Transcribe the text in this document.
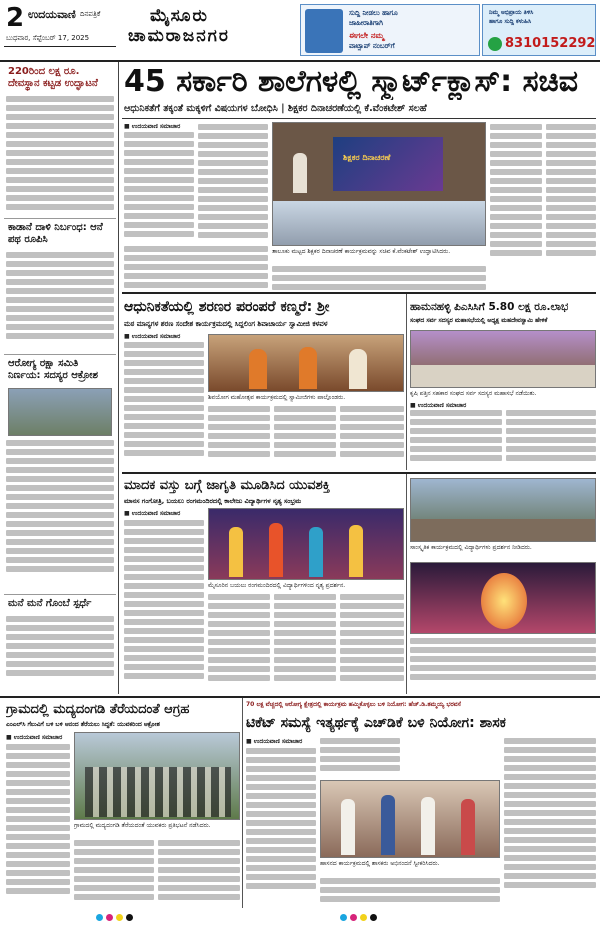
2 ಉದಯವಾಣಿ ದಿನಪತ್ರಿಕೆ
ಬುಧವಾರ, ಸೆಪ್ಟೆಂಬರ್ 17, 2025
ಮೈಸೂರು
ಚಾಮರಾಜನಗರ
ಸುದ್ದಿ ನೀಡಲು ಹಾಗೂ
ಜಾಹೀರಾತಿಗಾಗಿ
ಈಗಲೇ ನಮ್ಮ
ವಾಟ್ಸಾಪ್ ನಂಬರ್‌ಗೆ
ನಿಮ್ಮ ಅಭಿಪ್ರಾಯ ತಿಳಿಸಿ
ಹಾಗೂ ಸುದ್ದಿ ಕಳುಹಿಸಿ
8310152292
220ರಿಂದ ಲಕ್ಷ ರೂ. ದೇವಸ್ಥಾನ ಕಟ್ಟಡ ಉದ್ಘಾಟನೆ
ಕಾಡಾನೆ ದಾಳಿ ನಿರ್ಬಂಧ: ಆನೆ ಪಥ ರೂಪಿಸಿ
ಆರೋಗ್ಯ ರಕ್ಷಾ ಸಮಿತಿ ನಿರ್ಣಯ: ಸದಸ್ಯರ ಆಕ್ರೋಶ
ಮನೆ ಮನೆ ಗೊಂಬೆ ಸ್ಪರ್ಧೆ
45 ಸರ್ಕಾರಿ ಶಾಲೆಗಳಲ್ಲಿ ಸ್ಮಾರ್ಟ್‌ಕ್ಲಾಸ್: ಸಚಿವ
ಆಧುನಿಕತೆಗೆ ತಕ್ಕಂತೆ ಮಕ್ಕಳಿಗೆ ವಿಷಯಗಳ ಬೋಧಿಸಿ | ಶಿಕ್ಷಕರ ದಿನಾಚರಣೆಯಲ್ಲಿ ಕೆ.ವೆಂಕಟೇಶ್ ಸಲಹೆ
■ ಉದಯವಾಣಿ ಸಮಾಚಾರ
ಶಿಕ್ಷಕರ ದಿನಾಚರಣೆ
ತಾಲೂಕು ಮಟ್ಟದ ಶಿಕ್ಷಕರ ದಿನಾಚರಣೆ ಕಾರ್ಯಕ್ರಮವನ್ನು ಸಚಿವ ಕೆ.ವೆಂಕಟೇಶ್ ಉದ್ಘಾಟಿಸಿದರು.
ಆಧುನಿಕತೆಯಲ್ಲಿ ಶರಣರ ಪರಂಪರೆ ಕಣ್ಮರೆ: ಶ್ರೀ
ಮಠ ಮಾನ್ಯಗಳ ಶರಣ ಸಂದೇಶ ಕಾರ್ಯಕ್ರಮದಲ್ಲಿ ಸಿದ್ದಲಿಂಗ ಶಿವಾಚಾರ್ಯ ಸ್ವಾಮೀಜಿ ಕಳವಳ
■ ಉದಯವಾಣಿ ಸಮಾಚಾರ
ಶಿವಯೋಗ ಮಹೋತ್ಸವ ಕಾರ್ಯಕ್ರಮದಲ್ಲಿ ಸ್ವಾಮೀಜಿಗಳು ಪಾಲ್ಗೊಂಡರು.
ಹಾಮನಹಳ್ಳಿ ಪಿಎಸಿಸಿಗೆ 5.80 ಲಕ್ಷ ರೂ.ಲಾಭ
ಸಂಘದ ಸರ್ವ ಸದಸ್ಯರ ಮಹಾಸಭೆಯಲ್ಲಿ ಅಧ್ಯಕ್ಷ ಮಹದೇವಸ್ವಾಮಿ ಹೇಳಿಕೆ
ಕೃಷಿ ಪತ್ತಿನ ಸಹಕಾರ ಸಂಘದ ಸರ್ವ ಸದಸ್ಯರ ಮಹಾಸಭೆ ನಡೆಯಿತು.
■ ಉದಯವಾಣಿ ಸಮಾಚಾರ
ಮಾದಕ ವಸ್ತು ಬಗ್ಗೆ ಜಾಗೃತಿ ಮೂಡಿಸಿದ ಯುವಶಕ್ತಿ
ಮಾನಸ ಗಂಗೋತ್ರಿ, ಬಯಲು ರಂಗಮಂದಿರದಲ್ಲಿ ಕಾಲೇಜು ವಿದ್ಯಾರ್ಥಿಗಳ ನೃತ್ಯ ಸಂಭ್ರಮ
■ ಉದಯವಾಣಿ ಸಮಾಚಾರ
ಮೈಸೂರಿನ ಬಯಲು ರಂಗಮಂದಿರದಲ್ಲಿ ವಿದ್ಯಾರ್ಥಿಗಳಿಂದ ನೃತ್ಯ ಪ್ರದರ್ಶನ.
ಸಾಂಸ್ಕೃತಿಕ ಕಾರ್ಯಕ್ರಮದಲ್ಲಿ ವಿದ್ಯಾರ್ಥಿಗಳು ಪ್ರದರ್ಶನ ನೀಡಿದರು.
ಗ್ರಾಮದಲ್ಲಿ ಮದ್ಯದಂಗಡಿ ತೆರೆಯದಂತೆ ಆಗ್ರಹ
ಎಂಎಲ್‌ಸಿ ಗೆಲುವಿಗೆ ಬಳಿ ಬಳಿ ಆನಂದ ತೆರೆಯಲು ಸಿದ್ಧತೆ: ಯುವಕರಿಂದ ಆಕ್ರೋಶ
■ ಉದಯವಾಣಿ ಸಮಾಚಾರ
ಗ್ರಾಮದಲ್ಲಿ ಮದ್ಯದಂಗಡಿ ತೆರೆಯದಂತೆ ಯುವಕರು ಪ್ರತಿಭಟನೆ ನಡೆಸಿದರು.
70 ಲಕ್ಷ ವೆಚ್ಚದಲ್ಲಿ ಆರೋಗ್ಯ ಕ್ಷೇತ್ರದಲ್ಲಿ ಕಾರ್ಯಕ್ರಮ ಹಮ್ಮಿಕೊಳ್ಳಲು ಬಳಿ ನಿಯೋಗ: ಹೆಚ್.ಡಿ.ತಮ್ಮಯ್ಯ ಭರವಸೆ
ಟಿಕೆಟ್ ಸಮಸ್ಯೆ ಇತ್ಯರ್ಥಕ್ಕೆ ಎಚ್‌ಡಿಕೆ ಬಳಿ ನಿಯೋಗ: ಶಾಸಕ
■ ಉದಯವಾಣಿ ಸಮಾಚಾರ
ಹಾಸನದ ಕಾರ್ಯಕ್ರಮದಲ್ಲಿ ಶಾಸಕರು ಅಭಿನಂದನೆ ಸ್ವೀಕರಿಸಿದರು.
